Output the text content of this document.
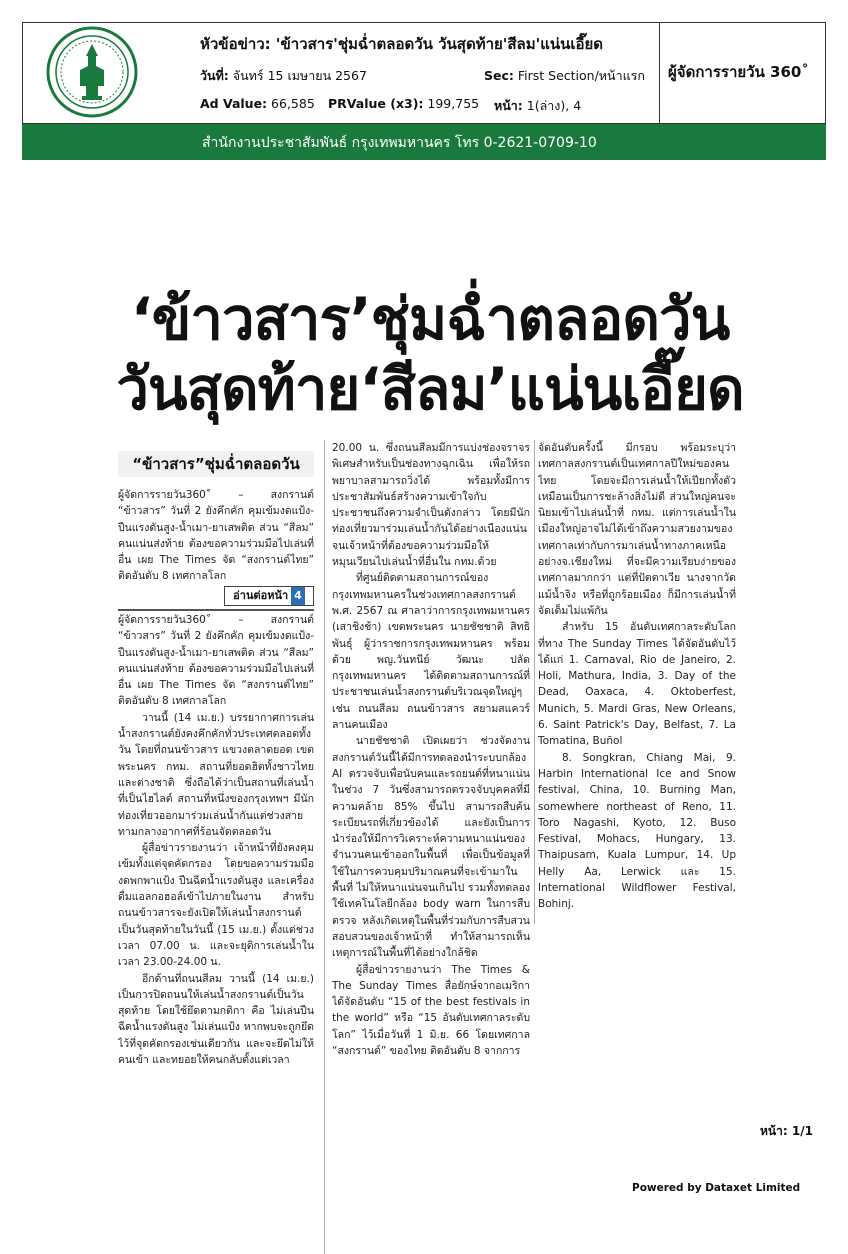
หัวข้อข่าว: 'ข้าวสาร'ชุ่มฉ่ำตลอดวัน วันสุดท้าย'สีลม'แน่นเอี๊ยด
วันที่: จันทร์ 15 เมษายน 2567	Sec: First Section/หน้าแรก
Ad Value: 66,585 PRValue (x3): 199,755 หน้า: 1(ล่าง), 4
ผู้จัดการรายวัน 360˚
สำนักงานประชาสัมพันธ์ กรุงเทพมหานคร โทร 0-2621-0709-10
‘ข้าวสาร’ชุ่มฉ่ำตลอดวัน
วันสุดท้าย‘สีลม’แน่นเอี๊ยด
“ข้าวสาร”ชุ่มฉ่ำตลอดวัน

ผู้จัดการรายวัน360˚ – สงกรานต์ “ข้าวสาร” วันที่ 2 ยังคึกคัก คุมเข้มงดแป้ง-ปืนแรงดันสูง-น้ำเมา-ยาเสพติด ส่วน “สีลม” คนแน่นส่งท้าย ต้องขอความร่วมมือไปเล่นที่อื่น เผย The Times จัด “สงกรานต์ไทย” ติดอันดับ 8 เทศกาลโลก

อ่านต่อหน้า 4

ผู้จัดการรายวัน360˚ – สงกรานต์ “ข้าวสาร” วันที่ 2 ยังคึกคัก คุมเข้มงดแป้ง-ปืนแรงดันสูง-น้ำเมา-ยาเสพติด ส่วน “สีลม” คนแน่นส่งท้าย ต้องขอความร่วมมือไปเล่นที่อื่น เผย The Times จัด “สงกรานต์ไทย” ติดอันดับ 8 เทศกาลโลก

วานนี้ (14 เม.ย.) บรรยากาศการเล่นน้ำสงกรานต์ยังคงคึกคักทั่วประเทศตลอดทั้งวัน โดยที่ถนนข้าวสาร แขวงตลาดยอด เขตพระนคร กทม. สถานที่ยอดฮิตทั้งชาวไทยและต่างชาติ ซึ่งถือได้ว่าเป็นสถานที่เล่นน้ำที่เป็นไฮไลต์ สถานที่หนึ่งของกรุงเทพฯ มีนักท่องเที่ยวออกมาร่วมเล่นน้ำกันแต่ช่วงสาย ทามกลางอากาศที่ร้อนจัดตลอดวัน

ผู้สื่อข่าวรายงานว่า เจ้าหน้าที่ยังคงคุมเข้มทั้งแต่จุดคัดกรอง โดยขอความร่วมมืองดพกพาแป้ง ปืนฉีดน้ำแรงดันสูง และเครื่องดื่มแอลกอฮอล์เข้าไปภายในงาน สำหรับถนนข้าวสารจะยังเปิดให้เล่นน้ำสงกรานต์เป็นวันสุดท้ายในวันนี้ (15 เม.ย.) ตั้งแต่ช่วงเวลา 07.00 น. และจะยุติการเล่นน้ำในเวลา 23.00-24.00 น.

อีกด้านที่ถนนสีลม วานนี้ (14 เม.ย.) เป็นการปิดถนนให้เล่นน้ำสงกรานต์เป็นวันสุดท้าย โดยใช้ยึดตามกติกา คือ ไม่เล่นปืนฉีดน้ำแรงดันสูง ไม่เล่นแป้ง หากพบจะถูกยึดไว้ที่จุดคัดกรองเช่นเดียวกัน และจะยึดไม่ให้คนเข้า และทยอยให้คนกลับตั้งแต่เวลา

20.00 น. ซึ่งถนนสีลมมีการแบ่งช่องจราจรพิเศษสำหรับเป็นช่องทางฉุกเฉิน เพื่อให้รถพยาบาลสามารถวิ่งได้ พร้อมทั้งมีการประชาสัมพันธ์สร้างความเข้าใจกับประชาชนถึงความจำเป็นดังกล่าว โดยมีนักท่องเที่ยวมาร่วมเล่นน้ำกันได้อย่างเนืองแน่น จนเจ้าหน้าที่ต้องขอความร่วมมือให้หมุนเวียนไปเล่นน้ำที่อื่นใน กทม.ด้วย

ที่ศูนย์ติดตามสถานการณ์ของกรุงเทพมหานครในช่วงเทศกาลสงกรานต์ พ.ศ. 2567 ณ ศาลาว่าการกรุงเทพมหานคร (เสาชิงช้า) เขตพระนคร นายชัชชาติ สิทธิพันธุ์ ผู้ว่าราชการกรุงเทพมหานคร พร้อมด้วย พญ.วันทนีย์ วัฒนะ ปลัดกรุงเทพมหานคร ได้ติดตามสถานการณ์ที่ประชาชนเล่นน้ำสงกรานต์บริเวณจุดใหญ่ๆ เช่น ถนนสีลม ถนนข้าวสาร สยามสแควร์ ลานคนเมือง

นายชัชชาติ เปิดเผยว่า ช่วงจัดงานสงกรานต์วันนี้ได้มีการทดลองนำระบบกล้อง AI ตรวจจับเพื่อนับคนและรถยนต์ที่หนาแน่นในช่วง 7 วันซึ่งสามารถตรวจจับบุคคลที่มีความคล้าย 85% ขึ้นไป สามารถสืบค้นระเบียนรถที่เกี่ยวข้องได้ และยังเป็นการนำร่องให้มีการวิเคราะห์ความหนาแน่นของจำนวนคนเข้าออกในพื้นที่ เพื่อเป็นข้อมูลที่ใช้ในการควบคุมปริมาณคนที่จะเข้ามาในพื้นที่ ไม่ให้หนาแน่นจนเกินไป รวมทั้งทดลองใช้เทคโนโลยีกล้อง body warn ในการสืบตรวจ หลังเกิดเหตุในพื้นที่ร่วมกับการสืบสวนสอบสวนของเจ้าหน้าที่ ทำให้สามารถเห็นเหตุการณ์ในพื้นที่ได้อย่างใกล้ชิด

ผู้สื่อข่าวรายงานว่า The Times & The Sunday Times สื่อยักษ์จากอเมริกา ได้จัดอันดับ “15 of the best festivals in the world” หรือ “15 อันดับเทศกาลระดับโลก” ไว้เมื่อวันที่ 1 มิ.ย. 66 โดยเทศกาล “สงกรานต์” ของไทย ติดอันดับ 8 จากการ

จัดอันดับครั้งนี้ มีกรอบ พร้อมระบุว่า เทศกาลสงกรานต์เป็นเทศกาลปีใหม่ของคนไทย โดยจะมีการเล่นน้ำให้เปียกทั้งตัว เหมือนเป็นการชะล้างสิ่งไม่ดี ส่วนใหญ่คนจะนิยมเข้าไปเล่นน้ำที่ กทม. แต่การเล่นน้ำในเมืองใหญ่อาจไม่ได้เข้าถึงความสวยงามของเทศกาลเท่ากับการมาเล่นน้ำทางภาคเหนือ อย่างจ.เชียงใหม่ ที่จะมีความเรียบง่ายของเทศกาลมากกว่า แต่ที่ปัตตาเวีย นางจากวัด แม้นํ้าจิง หรือที่ถูกร้อยเมือง ก็มีการเล่นน้ำที่จัดเต็มไม่แพ้กัน

สำหรับ 15 อันดับเทศกาลระดับโลกที่ทาง The Sunday Times ได้จัดอันดับไว้ ได้แก่ 1. Carnaval, Rio de Janeiro, 2. Holi, Mathura, India, 3. Day of the Dead, Oaxaca, 4. Oktoberfest, Munich, 5. Mardi Gras, New Orleans, 6. Saint Patrick's Day, Belfast, 7. La Tomatina, Buñol

8. Songkran, Chiang Mai, 9. Harbin International Ice and Snow festival, China, 10. Burning Man, somewhere northeast of Reno, 11. Toro Nagashi, Kyoto, 12. Buso Festival, Mohacs, Hungary, 13. Thaipusam, Kuala Lumpur, 14. Up Helly Aa, Lerwick และ 15. International Wildflower Festival, Bohinj.

หน้า: 1/1
Powered by Dataxet Limited
